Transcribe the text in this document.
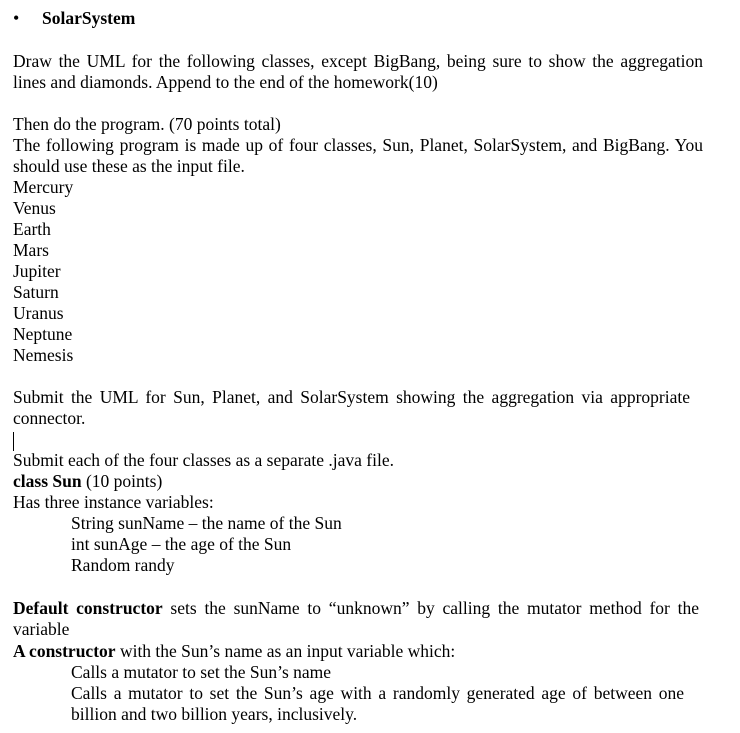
• SolarSystem
Draw the UML for the following classes, except BigBang, being sure to show the aggregation
lines and diamonds. Append to the end of the homework(10)
Then do the program. (70 points total)
The following program is made up of four classes, Sun, Planet, SolarSystem, and BigBang. You
should use these as the input file.
Mercury
Venus
Earth
Mars
Jupiter
Saturn
Uranus
Neptune
Nemesis
Submit the UML for Sun, Planet, and SolarSystem showing the aggregation via appropriate
connector.
Submit each of the four classes as a separate .java file.
class Sun (10 points)
Has three instance variables:
String sunName – the name of the Sun
int sunAge – the age of the Sun
Random randy
Default constructor sets the sunName to “unknown” by calling the mutator method for the
variable
A constructor with the Sun’s name as an input variable which:
Calls a mutator to set the Sun’s name
Calls a mutator to set the Sun’s age with a randomly generated age of between one
billion and two billion years, inclusively.
